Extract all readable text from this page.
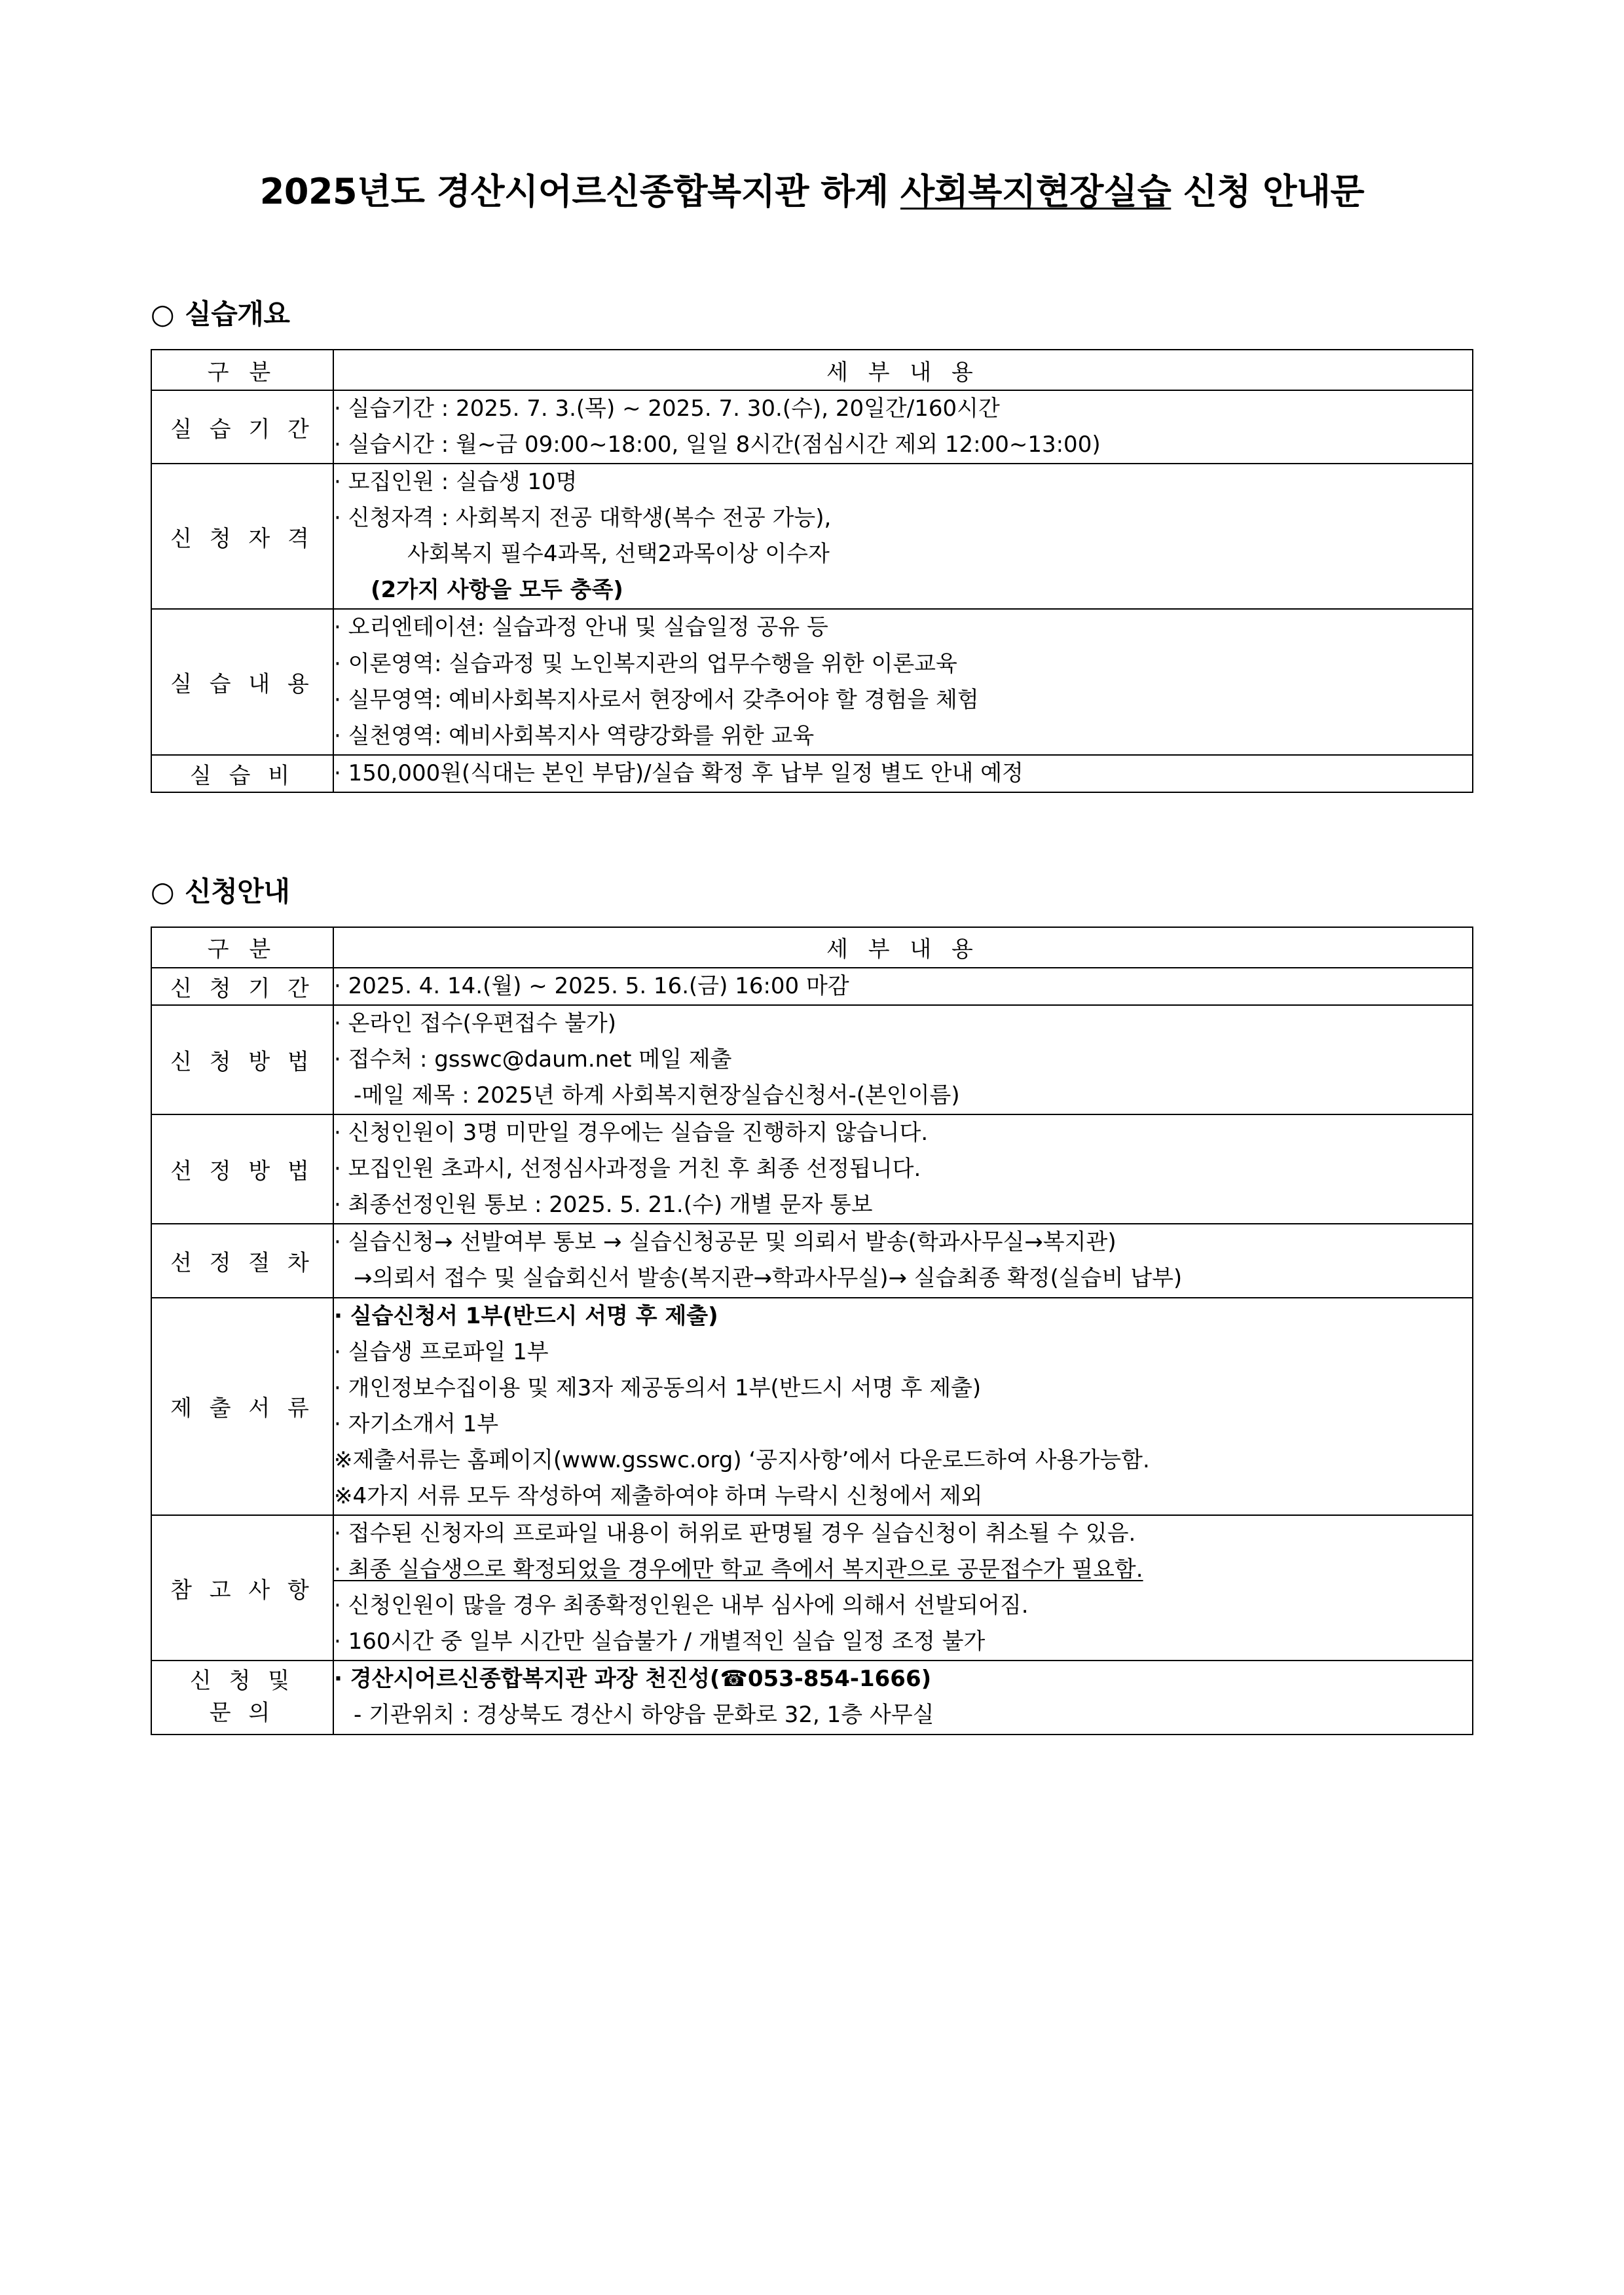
2025년도 경산시어르신종합복지관 하계 사회복지현장실습 신청 안내문
○ 실습개요
구 분	세 부 내 용
실 습 기 간	· 실습기간 : 2025. 7. 3.(목) ~ 2025. 7. 30.(수), 20일간/160시간
· 실습시간 : 월~금 09:00~18:00, 일일 8시간(점심시간 제외 12:00~13:00)

신 청 자 격	· 모집인원 : 실습생 10명
· 신청자격 : 사회복지 전공 대학생(복수 전공 가능),
사회복지 필수4과목, 선택2과목이상 이수자
(2가지 사항을 모두 충족)

실 습 내 용	· 오리엔테이션: 실습과정 안내 및 실습일정 공유 등
· 이론영역: 실습과정 및 노인복지관의 업무수행을 위한 이론교육
· 실무영역: 예비사회복지사로서 현장에서 갖추어야 할 경험을 체험
· 실천영역: 예비사회복지사 역량강화를 위한 교육

실 습 비	· 150,000원(식대는 본인 부담)/실습 확정 후 납부 일정 별도 안내 예정
○ 신청안내
구 분	세 부 내 용
신 청 기 간	· 2025. 4. 14.(월) ~ 2025. 5. 16.(금) 16:00 마감

신 청 방 법	· 온라인 접수(우편접수 불가)
· 접수처 : gsswc@daum.net 메일 제출
-메일 제목 : 2025년 하계 사회복지현장실습신청서-(본인이름)

선 정 방 법	· 신청인원이 3명 미만일 경우에는 실습을 진행하지 않습니다.
· 모집인원 초과시, 선정심사과정을 거친 후 최종 선정됩니다.
· 최종선정인원 통보 : 2025. 5. 21.(수) 개별 문자 통보

선 정 절 차	· 실습신청→ 선발여부 통보 → 실습신청공문 및 의뢰서 발송(학과사무실→복지관)
→의뢰서 접수 및 실습회신서 발송(복지관→학과사무실)→ 실습최종 확정(실습비 납부)

제 출 서 류	
· 실습신청서 1부(반드시 서명 후 제출)
· 실습생 프로파일 1부
· 개인정보수집이용 및 제3자 제공동의서 1부(반드시 서명 후 제출)
· 자기소개서 1부
※제출서류는 홈페이지(www.gsswc.org) ‘공지사항’에서 다운로드하여 사용가능함.
※4가지 서류 모두 작성하여 제출하여야 하며 누락시 신청에서 제외

참 고 사 항	· 접수된 신청자의 프로파일 내용이 허위로 판명될 경우 실습신청이 취소될 수 있음.
· 최종 실습생으로 확정되었을 경우에만 학교 측에서 복지관으로 공문접수가 필요함.
· 신청인원이 많을 경우 최종확정인원은 내부 심사에 의해서 선발되어짐.
· 160시간 중 일부 시간만 실습불가 / 개별적인 실습 일정 조정 불가

신 청 및
문 의	· 경산시어르신종합복지관 과장 천진성(☎053-854-1666)
- 기관위치 : 경상북도 경산시 하양읍 문화로 32, 1층 사무실
